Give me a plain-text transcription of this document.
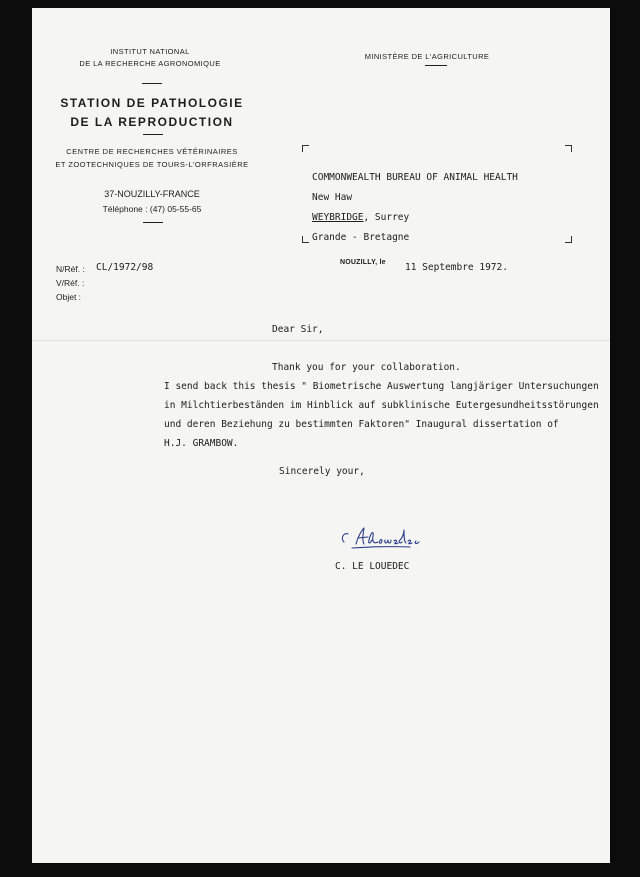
INSTITUT NATIONAL
DE LA RECHERCHE AGRONOMIQUE
MINISTÈRE DE L'AGRICULTURE
STATION DE PATHOLOGIE
DE LA REPRODUCTION
CENTRE DE RECHERCHES VÉTÉRINAIRES
ET ZOOTECHNIQUES DE TOURS-L'ORFRASIÈRE
37-NOUZILLY-FRANCE
Téléphone : (47) 05-55-65
COMMONWEALTH BUREAU OF ANIMAL HEALTH
New Haw
WEYBRIDGE, Surrey
Grande - Bretagne
N/Réf. :
V/Réf. :
Objet :
CL/1972/98	NOUZILLY, le 11 Septembre 1972.
Dear Sir,
Thank you for your collaboration.
I send back this thesis " Biometrische Auswertung langjäriger Untersuchungen
in Milchtierbeständen im Hinblick auf subklinische Eutergesundheitsstörungen
und deren Beziehung zu bestimmten Faktoren" Inaugural dissertation of
H.J. GRAMBOW.
Sincerely your,
C. LE LOUEDEC
